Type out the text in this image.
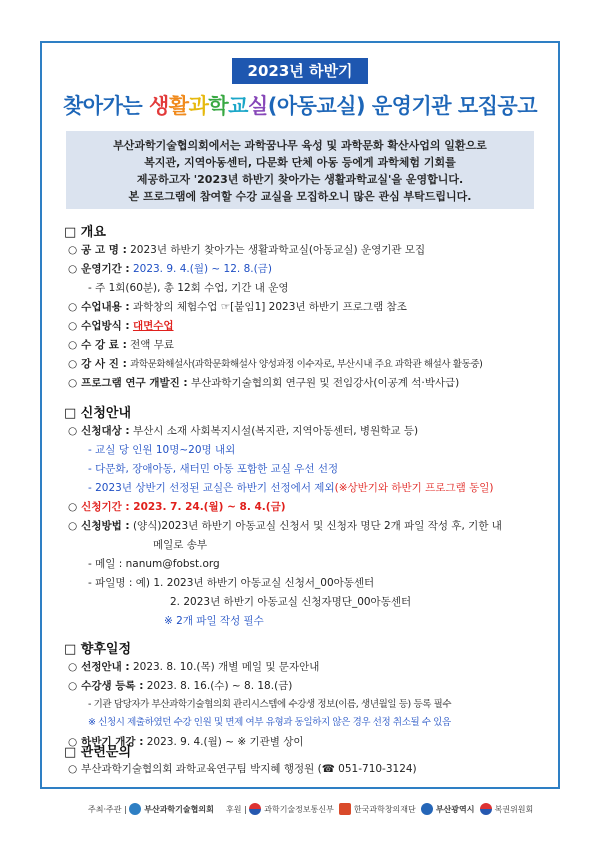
2023년 하반기
찾아가는 생활과학교실(아동교실) 운영기관 모집공고
부산과학기술협의회에서는 과학꿈나무 육성 및 과학문화 확산사업의 일환으로
복지관, 지역아동센터, 다문화 단체 아동 등에게 과학체험 기회를
제공하고자 '2023년 하반기 찾아가는 생활과학교실'을 운영합니다.
본 프로그램에 참여할 수강 교실을 모집하오니 많은 관심 부탁드립니다.
□ 개요
○ 공 고 명 : 2023년 하반기 찾아가는 생활과학교실(아동교실) 운영기관 모집
○ 운영기간 : 2023. 9. 4.(월) ~ 12. 8.(금)
- 주 1회(60분), 총 12회 수업, 기간 내 운영
○ 수업내용 : 과학창의 체험수업 ☞[붙임1] 2023년 하반기 프로그램 참조
○ 수업방식 : 대면수업
○ 수 강 료 : 전액 무료
○ 강 사 진 : 과학문화해설사(과학문화해설사 양성과정 이수자로, 부산시내 주요 과학관 해설사 활동중)
○ 프로그램 연구 개발진 : 부산과학기술협의회 연구원 및 전임강사(이공계 석·박사급)
□ 신청안내
○ 신청대상 : 부산시 소재 사회복지시설(복지관, 지역아동센터, 병원학교 등)
- 교실 당 인원 10명~20명 내외
- 다문화, 장애아동, 새터민 아동 포함한 교실 우선 선정
- 2023년 상반기 선정된 교실은 하반기 선정에서 제외(※상반기와 하반기 프로그램 동일)
○ 신청기간 : 2023. 7. 24.(월) ~ 8. 4.(금)
○ 신청방법 : (양식)2023년 하반기 아동교실 신청서 및 신청자 명단 2개 파일 작성 후, 기한 내
메일로 송부
- 메일 : nanum@fobst.org
- 파일명 : 예) 1. 2023년 하반기 아동교실 신청서_00아동센터
2. 2023년 하반기 아동교실 신청자명단_00아동센터
※ 2개 파일 작성 필수
□ 향후일정
○ 선정안내 : 2023. 8. 10.(목) 개별 메일 및 문자안내
○ 수강생 등록 : 2023. 8. 16.(수) ~ 8. 18.(금)
- 기관 담당자가 부산과학기술협의회 관리시스템에 수강생 정보(이름, 생년월일 등) 등록 필수
※ 신청시 제출하였던 수강 인원 및 면제 여부 유형과 동일하지 않은 경우 선정 취소될 수 있음
○ 하반기 개강 : 2023. 9. 4.(월) ~ ※ 기관별 상이
□ 관련문의
○ 부산과학기술협의회 과학교육연구팀 박지혜 행정원 (☎ 051-710-3124)
주최·주관 |
부산과학기술협의회 후원 |
과학기술정보통신부
	한국과학창의재단
	부산광역시
	복권위원회
